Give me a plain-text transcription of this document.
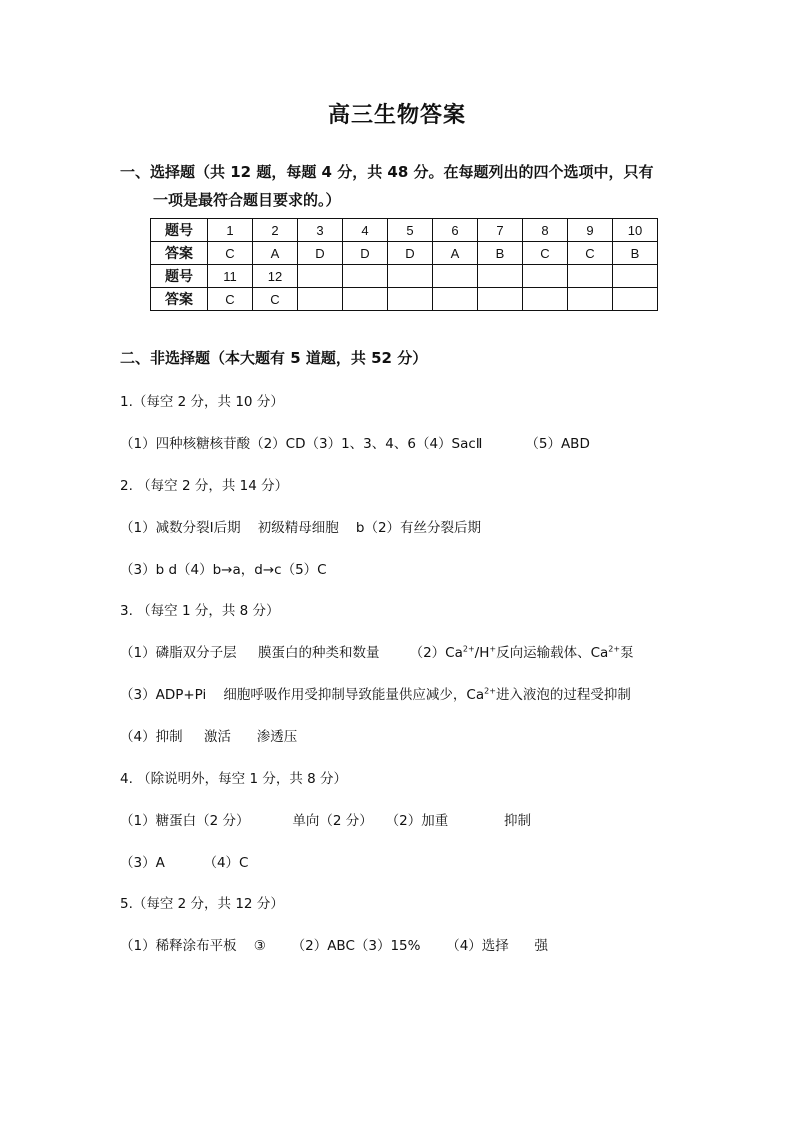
高三生物答案
一、选择题（共 12 题，每题 4 分，共 48 分。在每题列出的四个选项中，只有
一项是最符合题目要求的。）
题号	1	2	3	4	5	6	7	8	9	10
答案	C	A	D	D	D	A	B	C	C	B
题号	11	12								
答案	C	C								
二、非选择题（本大题有 5 道题，共 52 分）
1.（每空 2 分，共 10 分）
（1）四种核糖核苷酸（2）CD（3）1、3、4、6（4）SacⅡ          （5）ABD
2. （每空 2 分，共 14 分）
（1）减数分裂Ⅰ后期    初级精母细胞    b（2）有丝分裂后期
（3）b d（4）b→a，d→c（5）C
3. （每空 1 分，共 8 分）
（1）磷脂双分子层     膜蛋白的种类和数量       $(2)Ca^{2+}/H^+$反向运输载体、$Ca^{2+}$泵
（3）ADP+Pi    细胞呼吸作用受抑制导致能量供应减少，$Ca^{2+}$进入液泡的过程受抑制
（4）抑制     激活      渗透压
4. （除说明外，每空 1 分，共 8 分）
（1）糖蛋白（2 分）          单向（2 分）   （2）加重             抑制
（3）A         （4）C
5.（每空 2 分，共 12 分）
（1）稀释涂布平板    ③      （2）ABC（3）15%      （4）选择      强
